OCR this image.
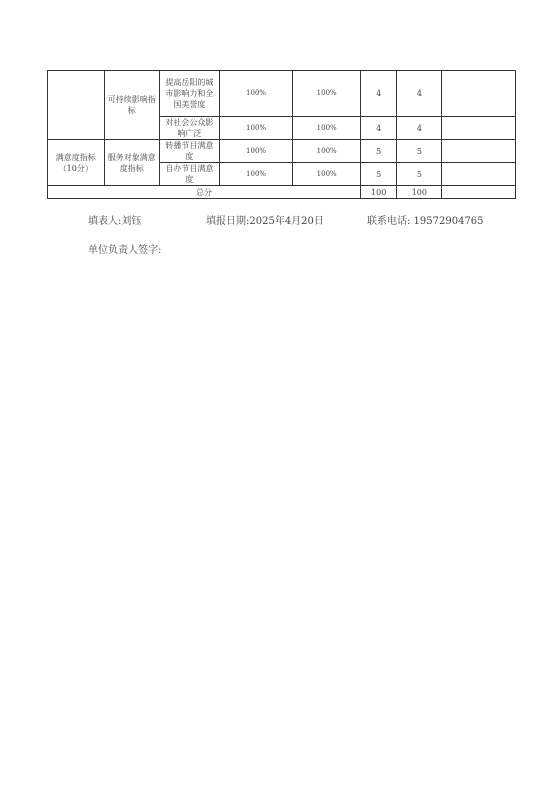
	可持续影响指标	提高岳阳的城市影响力和全国美誉度	100%	100%	4	4	
		对社会公众影响广泛	100%	100%	4	4	
满意度指标（10分）	服务对象满意度指标	转播节目满意度	100%	100%	5	5	
		自办节目满意度	100%	100%	5	5	
总分					100	100	
填表人:刘钰	填报日期:2025年4月20日	联系电话: 19572904765
单位负责人签字:
